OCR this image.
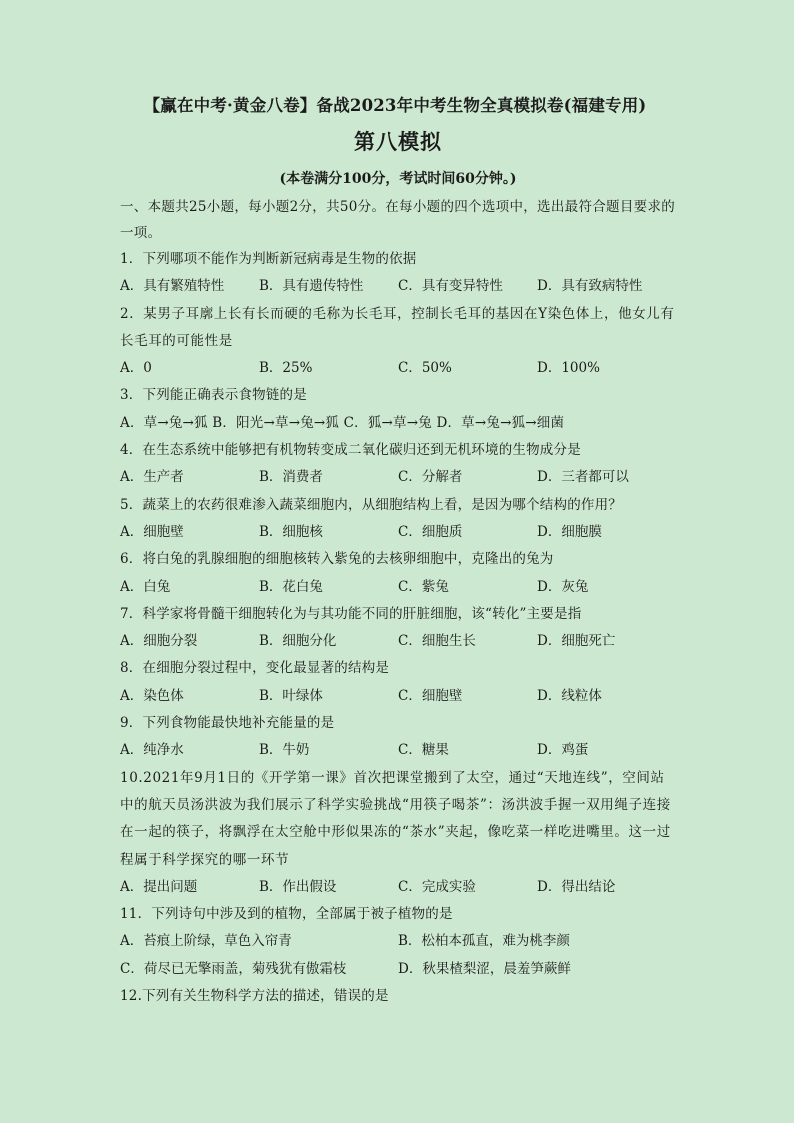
【赢在中考·黄金八卷】备战2023年中考生物全真模拟卷(福建专用)
第八模拟
(本卷满分100分，考试时间60分钟。)
一、本题共25小题，每小题2分，共50分。在每小题的四个选项中，选出最符合题目要求的一项。
1．下列哪项不能作为判断新冠病毒是生物的依据
A．具有繁殖特性	B．具有遗传特性	C．具有变异特性	D．具有致病特性
2．某男子耳廓上长有长而硬的毛称为长毛耳，控制长毛耳的基因在Y染色体上，他女儿有长毛耳的可能性是
A．0	B．25%	C．50%	D．100%
3．下列能正确表示食物链的是
A．草→兔→狐 B．阳光→草→兔→狐 C．狐→草→兔 D．草→兔→狐→细菌
4．在生态系统中能够把有机物转变成二氧化碳归还到无机环境的生物成分是
A．生产者	B．消费者	C．分解者	D．三者都可以
5．蔬菜上的农药很难渗入蔬菜细胞内，从细胞结构上看，是因为哪个结构的作用？
A．细胞壁	B．细胞核	C．细胞质	D．细胞膜
6．将白兔的乳腺细胞的细胞核转入紫兔的去核卵细胞中，克隆出的兔为
A．白兔	B．花白兔	C．紫兔	D．灰兔
7．科学家将骨髓干细胞转化为与其功能不同的肝脏细胞，该“转化”主要是指
A．细胞分裂	B．细胞分化	C．细胞生长	D．细胞死亡
8．在细胞分裂过程中，变化最显著的结构是
A．染色体	B．叶绿体	C．细胞壁	D．线粒体
9．下列食物能最快地补充能量的是
A．纯净水	B．牛奶	C．糖果	D．鸡蛋
10.2021年9月1日的《开学第一课》首次把课堂搬到了太空，通过“天地连线”，空间站中的航天员汤洪波为我们展示了科学实验挑战“用筷子喝茶”：汤洪波手握一双用绳子连接在一起的筷子，将飘浮在太空舱中形似果冻的“茶水”夹起，像吃菜一样吃进嘴里。这一过程属于科学探究的哪一环节
A．提出问题	B．作出假设	C．完成实验	D．得出结论
11．下列诗句中涉及到的植物，全部属于被子植物的是
A．苔痕上阶绿，草色入帘青	B．松柏本孤直，难为桃李颜
C．荷尽已无擎雨盖，菊残犹有傲霜枝	D．秋果楂梨涩，晨羞笋蕨鲜
12.下列有关生物科学方法的描述，错误的是
